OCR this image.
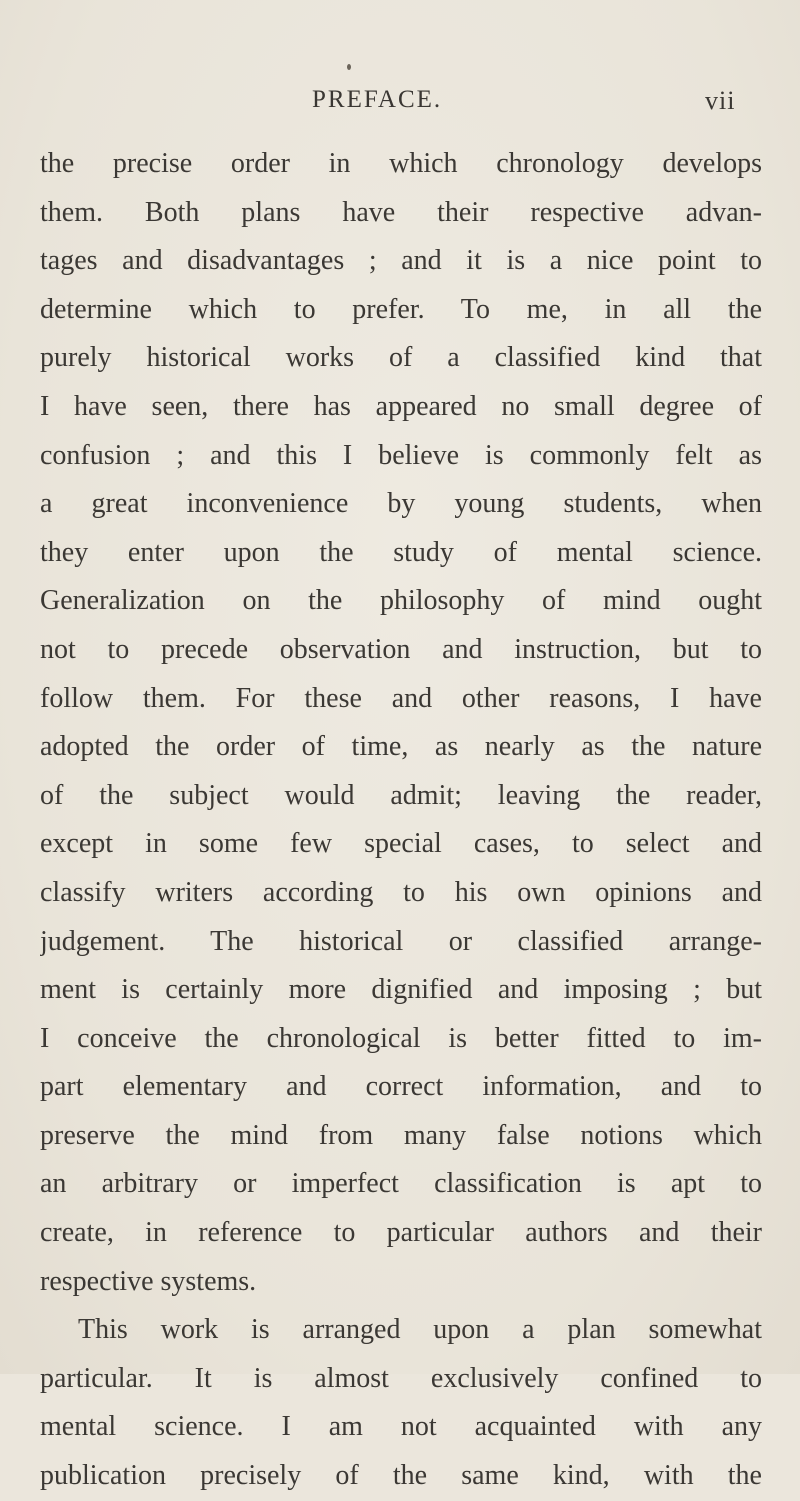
PREFACE.	vii
the precise order in which chronology develops
them. Both plans have their respective advan-
tages and disadvantages ; and it is a nice point to
determine which to prefer. To me, in all the
purely historical works of a classified kind that
I have seen, there has appeared no small degree of
confusion ; and this I believe is commonly felt as
a great inconvenience by young students, when
they enter upon the study of mental science.
Generalization on the philosophy of mind ought
not to precede observation and instruction, but to
follow them. For these and other reasons, I have
adopted the order of time, as nearly as the nature
of the subject would admit; leaving the reader,
except in some few special cases, to select and
classify writers according to his own opinions and
judgement. The historical or classified arrange-
ment is certainly more dignified and imposing ; but
I conceive the chronological is better fitted to im-
part elementary and correct information, and to
preserve the mind from many false notions which
an arbitrary or imperfect classification is apt to
create, in reference to particular authors and their
respective systems.
This work is arranged upon a plan somewhat
particular. It is almost exclusively confined to
mental science. I am not acquainted with any
publication precisely of the same kind, with the
